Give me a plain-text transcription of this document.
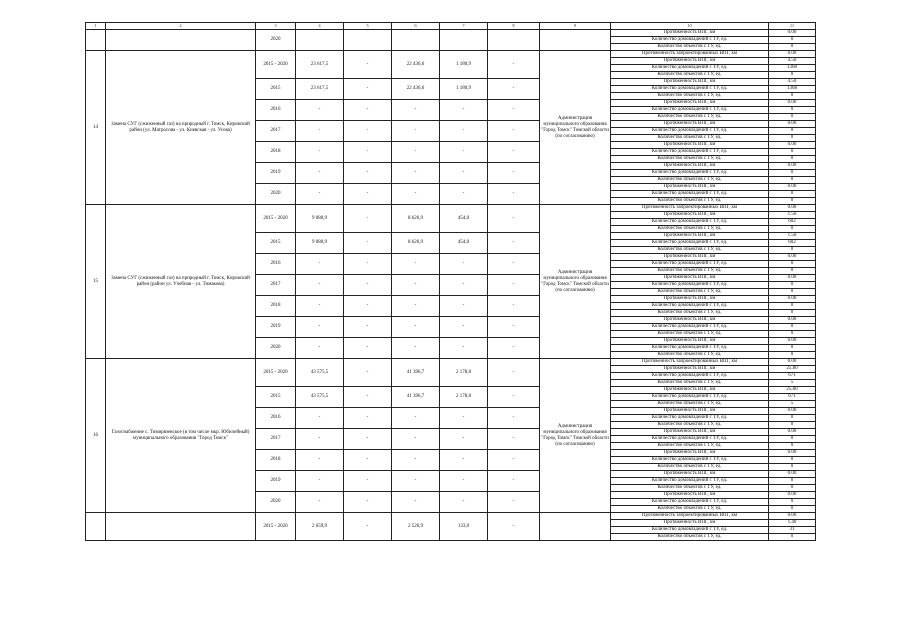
1	2	3	4	5	6	7	8	9	10	11
		2020							Протяженность ВПГ, км	0.00
									Количество домовладений с ТУ, ед.	0
									Количество объектов с ТУ, ед.	0
14	Замена СУГ (сжиженный газ) на природный г. Томск, Кировский район (ул. Матросова - ул. Киевская - ул. Усова)	2015 - 2020	23 617,5	-	22 436,6	1 180,9	-	Администрация муниципального образования "Город Томск" Томской области (по согласованию)	Протяженность запроектированных ВПГ, км	0.00
									Протяженность ВПГ, км	4.50
									Количество домовладений с ТУ, ед.	1368
									Количество объектов с ТУ, ед.	0
		2015	23 617,5	-	22 436,6	1 180,9	-		Протяженность ВПГ, км	4.50
									Количество домовладений с ТУ, ед.	1368
									Количество объектов с ТУ, ед.	0
		2016	-	-	-	-	-		Протяженность ВПГ, км	0.00
									Количество домовладений с ТУ, ед.	0
									Количество объектов с ТУ, ед.	0
		2017	-	-	-	-	-		Протяженность ВПГ, км	0.00
									Количество домовладений с ТУ, ед.	0
									Количество объектов с ТУ, ед.	0
		2018	-	-	-	-	-		Протяженность ВПГ, км	0.00
									Количество домовладений с ТУ, ед.	0
									Количество объектов с ТУ, ед.	0
		2019	-	-	-	-	-		Протяженность ВПГ, км	0.00
									Количество домовладений с ТУ, ед.	0
									Количество объектов с ТУ, ед.	0
		2020	-	-	-	-	-		Протяженность ВПГ, км	0.00
									Количество домовладений с ТУ, ед.	0
									Количество объектов с ТУ, ед.	0
15	Замена СУГ (сжиженный газ) на природный г. Томск, Кировский район (район ул. Учебная - ул. Тимакова)	2015 - 2020	9 080,9	-	8 626,9	454,0	-	Администрация муниципального образования "Город Томск" Томской области (по согласованию)	Протяженность запроектированных ВПГ, км	0.00
									Протяженность ВПГ, км	1.50
									Количество домовладений с ТУ, ед.	602
									Количество объектов с ТУ, ед.	0
		2015	9 080,9	-	8 626,9	454,0	-		Протяженность ВПГ, км	1.50
									Количество домовладений с ТУ, ед.	602
									Количество объектов с ТУ, ед.	0
		2016	-	-	-	-	-		Протяженность ВПГ, км	0.00
									Количество домовладений с ТУ, ед.	0
									Количество объектов с ТУ, ед.	0
		2017	-	-	-	-	-		Протяженность ВПГ, км	0.00
									Количество домовладений с ТУ, ед.	0
									Количество объектов с ТУ, ед.	0
		2018	-	-	-	-	-		Протяженность ВПГ, км	0.00
									Количество домовладений с ТУ, ед.	0
									Количество объектов с ТУ, ед.	0
		2019	-	-	-	-	-		Протяженность ВПГ, км	0.00
									Количество домовладений с ТУ, ед.	0
									Количество объектов с ТУ, ед.	0
		2020	-	-	-	-	-		Протяженность ВПГ, км	0.00
									Количество домовладений с ТУ, ед.	0
									Количество объектов с ТУ, ед.	0
16	Газоснабжение с. Тимирязевское (в том числе мкр. Юбилейный) муниципального образования "Город Томск"	2015 - 2020	43 575,5	-	41 396,7	2 178,8	-	Администрация муниципального образования "Город Томск" Томской области (по согласованию)	Протяженность запроектированных ВПГ, км	0.00
									Протяженность ВПГ, км	25.80
									Количество домовладений с ТУ, ед.	671
									Количество объектов с ТУ, ед.	5
		2015	43 575,5	-	41 396,7	2 178,8	-		Протяженность ВПГ, км	25.80
									Количество домовладений с ТУ, ед.	671
									Количество объектов с ТУ, ед.	5
		2016	-	-	-	-	-		Протяженность ВПГ, км	0.00
									Количество домовладений с ТУ, ед.	0
									Количество объектов с ТУ, ед.	0
		2017	-	-	-	-	-		Протяженность ВПГ, км	0.00
									Количество домовладений с ТУ, ед.	0
									Количество объектов с ТУ, ед.	0
		2018	-	-	-	-	-		Протяженность ВПГ, км	0.00
									Количество домовладений с ТУ, ед.	0
									Количество объектов с ТУ, ед.	0
		2019	-	-	-	-	-		Протяженность ВПГ, км	0.00
									Количество домовладений с ТУ, ед.	0
									Количество объектов с ТУ, ед.	0
		2020	-	-	-	-	-		Протяженность ВПГ, км	0.00
									Количество домовладений с ТУ, ед.	0
									Количество объектов с ТУ, ед.	0
		2015 - 2020	2 659,9	-	2 526,9	133,0	-		Протяженность запроектированных ВПГ, км	0.00
									Протяженность ВПГ, км	1.40
									Количество домовладений с ТУ, ед.	31
									Количество объектов с ТУ, ед.	0
